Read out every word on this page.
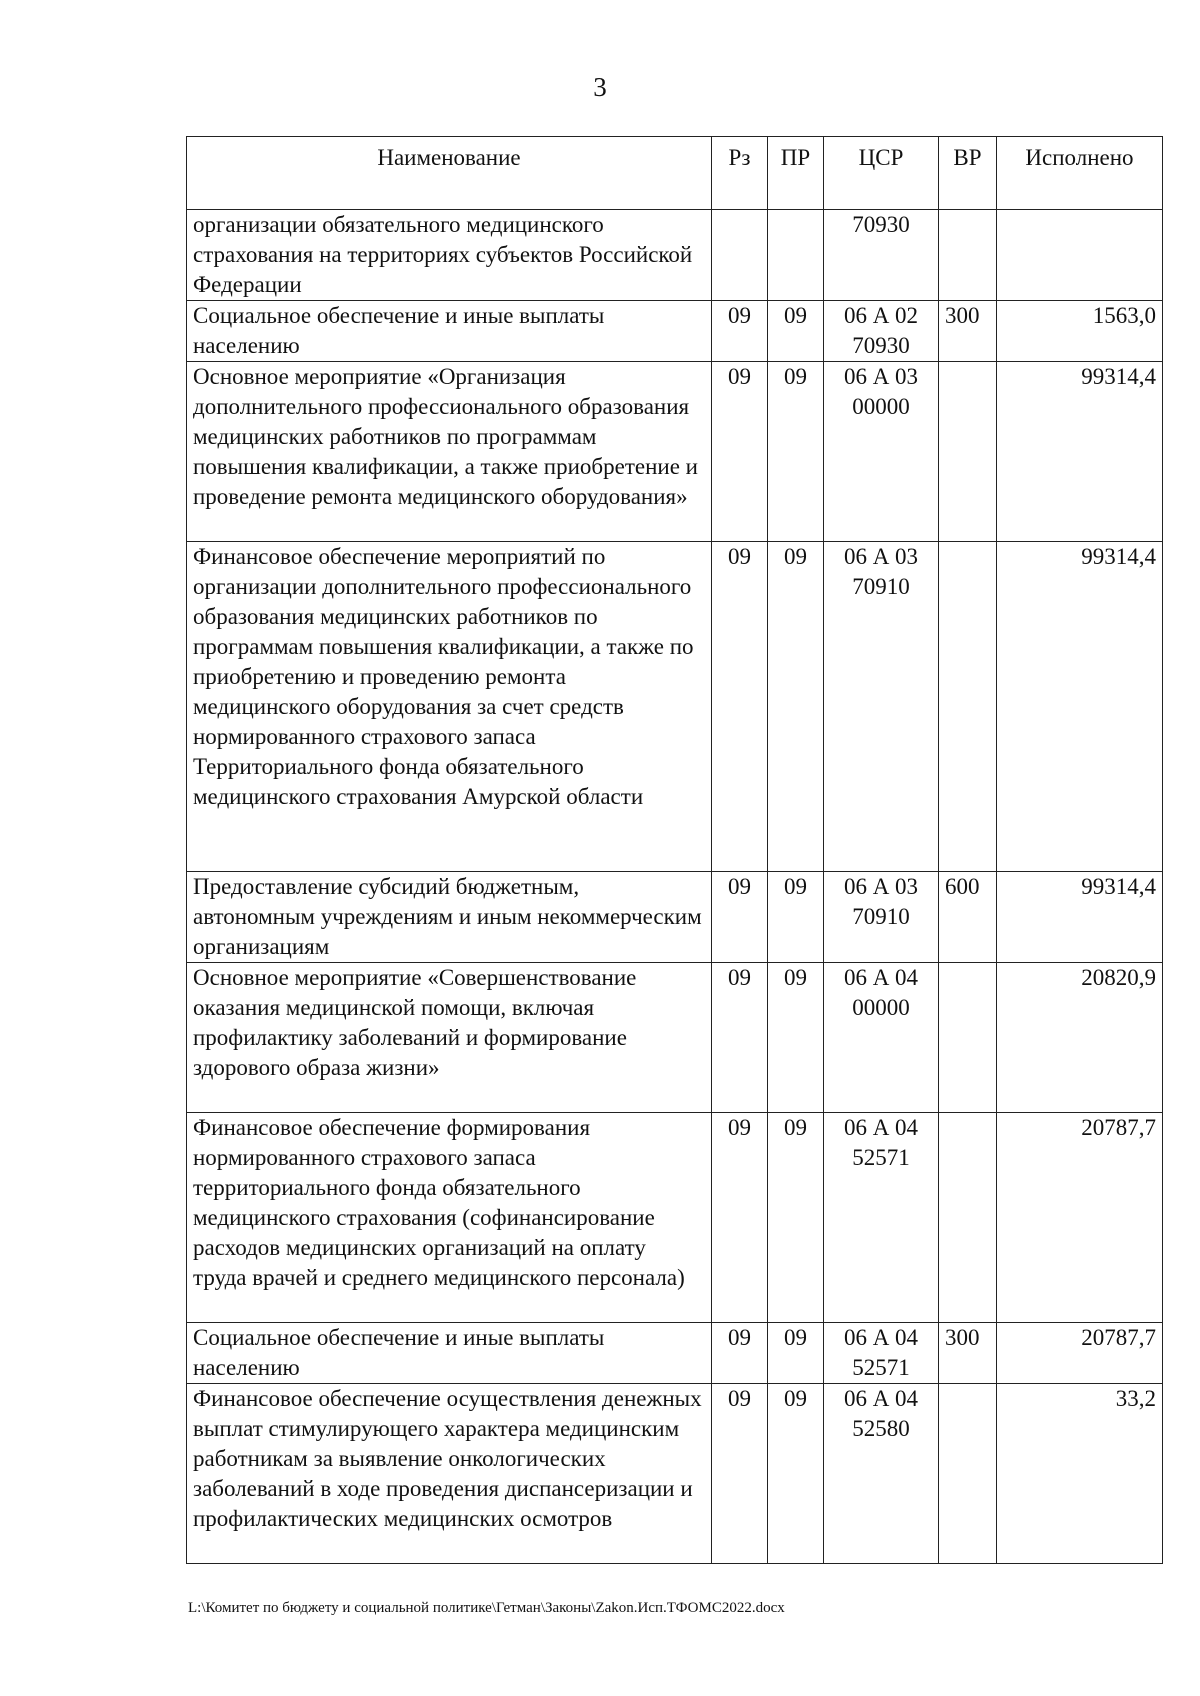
3
Наименование	Рз	ПР	ЦСР	ВР	Исполнено
организации обязательного медицинского страхования на территориях субъектов Российской Федерации			70930		
Социальное обеспечение и иные выплаты населению	09	09	06 А 02 70930	300	1563,0
Основное мероприятие «Организация дополнительного профессионального образования медицинских работников по программам повышения квалификации, а также приобретение и проведение ремонта медицинского оборудования»	09	09	06 А 03 00000		99314,4
Финансовое обеспечение мероприятий по организации дополнительного профессионального образования медицинских работников по программам повышения квалификации, а также по приобретению и проведению ремонта медицинского оборудования за счет средств нормированного страхового запаса Территориального фонда обязательного медицинского страхования Амурской области	09	09	06 А 03 70910		99314,4
Предоставление субсидий бюджетным, автономным учреждениям и иным некоммерческим организациям	09	09	06 А 03 70910	600	99314,4
Основное мероприятие «Совершенствование оказания медицинской помощи, включая профилактику заболеваний и формирование здорового образа жизни»	09	09	06 А 04 00000		20820,9
Финансовое обеспечение формирования нормированного страхового запаса территориального фонда обязательного медицинского страхования (софинансирование расходов медицинских организаций на оплату труда врачей и среднего медицинского персонала)	09	09	06 А 04 52571		20787,7
Социальное обеспечение и иные выплаты населению	09	09	06 А 04 52571	300	20787,7
Финансовое обеспечение осуществления денежных выплат стимулирующего характера медицинским работникам за выявление онкологических заболеваний в ходе проведения диспансеризации и профилактических медицинских осмотров	09	09	06 А 04 52580		33,2
L:\Комитет по бюджету и социальной политике\Гетман\Законы\Zakon.Исп.ТФОМС2022.docx
